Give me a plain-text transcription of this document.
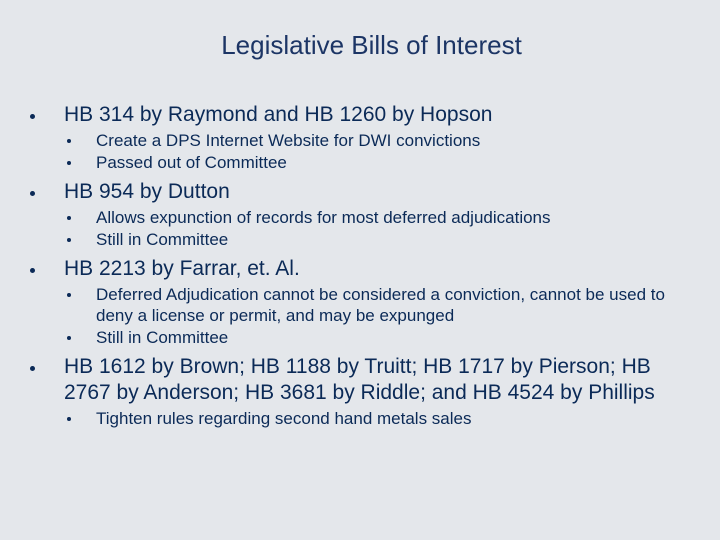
Legislative Bills of Interest
HB 314 by Raymond and HB 1260 by Hopson
Create a DPS Internet Website for DWI convictions
Passed out of Committee
HB 954 by Dutton
Allows expunction of records for most deferred adjudications
Still in Committee
HB 2213 by Farrar, et. Al.
Deferred Adjudication cannot be considered a conviction, cannot be used to deny a license or permit, and may be expunged
Still in Committee
HB 1612 by Brown; HB 1188 by Truitt; HB 1717 by Pierson; HB 2767 by Anderson; HB 3681 by Riddle; and HB 4524 by Phillips
Tighten rules regarding second hand metals sales
